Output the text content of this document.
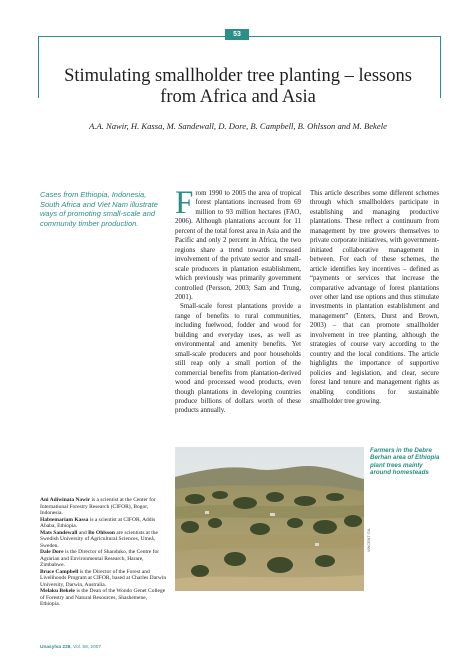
53
Stimulating smallholder tree planting – lessons from Africa and Asia
A.A. Nawir, H. Kassa, M. Sandewall, D. Dore, B. Campbell, B. Ohlsson and M. Bekele
Cases from Ethiopia, Indonesia, South Africa and Viet Nam illustrate ways of promoting small-scale and community timber production.

From 1990 to 2005 the area of tropical forest plantations increased from 69 million to 93 million hectares (FAO, 2006). Although plantations account for 11 percent of the total forest area in Asia and the Pacific and only 2 percent in Africa, the two regions share a trend towards increased involvement of the private sector and small-scale producers in plantation establishment, which previously was primarily government controlled (Persson, 2003; Sam and Trung, 2001).

Small-scale forest plantations provide a range of benefits to rural communities, including fuelwood, fodder and wood for building and everyday uses, as well as environmental and amenity benefits. Yet small-scale producers and poor households still reap only a small portion of the commercial benefits from plantation-derived wood and processed wood products, even though plantations in developing countries produce billions of dollars worth of these products annually.

This article describes some different schemes through which smallholders participate in establishing and managing productive plantations. These reflect a continuum from management by tree growers themselves to private corporate initiatives, with government-initiated collaborative management in between. For each of these schemes, the article identifies key incentives – defined as “payments or services that increase the comparative advantage of forest plantations over other land use options and thus stimulate investments in plantation establishment and management” (Enters, Durst and Brown, 2003) – that can promote smallholder involvement in tree planting, although the strategies of course vary according to the country and the local conditions. The article highlights the importance of supportive policies and legislation, and clear, secure forest land tenure and management rights as enabling conditions for sustainable smallholder tree growing.

VINCENT GIL
Farmers in the Debre Berhan area of Ethiopia plant trees mainly around homesteads

Ani Adiwinata Nawir is a scientist at the Center for International Forestry Research (CIFOR), Bogor, Indonesia.

Habtemariam Kassa is a scientist at CIFOR, Addis Ababa, Ethiopia.

Mats Sandewall and Bo Ohlsson are scientists at the Swedish University of Agricultural Sciences, Umeå, Sweden.

Dale Dore is the Director of Shanduko, the Centre for Agrarian and Environmental Research, Harare, Zimbabwe.

Bruce Campbell is the Director of the Forest and Livelihoods Program at CIFOR, based at Charles Darwin University, Darwin, Australia.

Melaku Bekele is the Dean of the Wondo Genet College of Forestry and Natural Resources, Shashemene, Ethiopia.

Unasylva 228, Vol. 58, 2007
